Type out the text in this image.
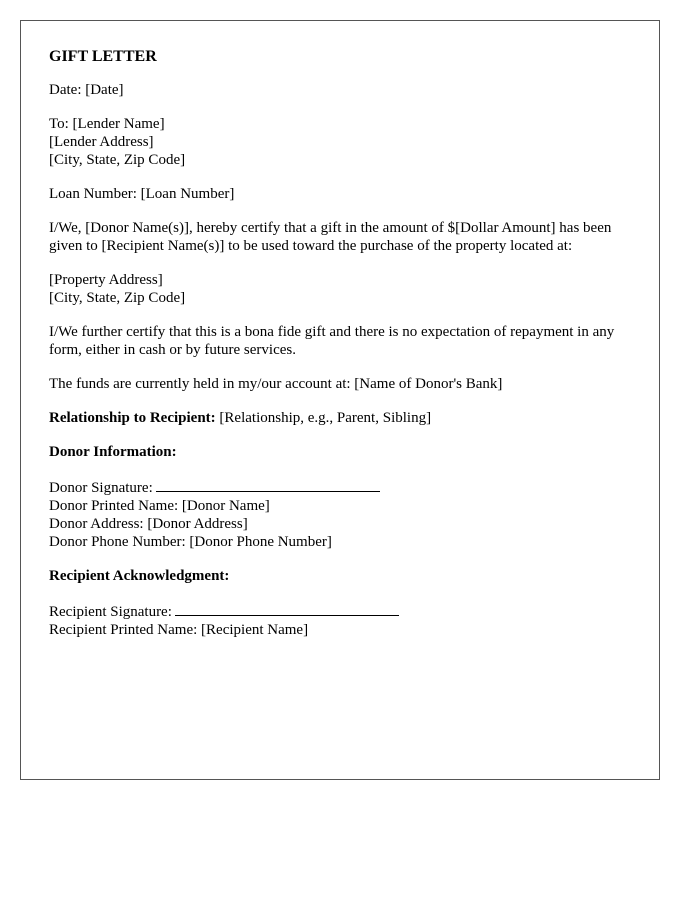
GIFT LETTER
Date: [Date]
To: [Lender Name]
[Lender Address]
[City, State, Zip Code]
Loan Number: [Loan Number]
I/We, [Donor Name(s)], hereby certify that a gift in the amount of $[Dollar Amount] has been given to [Recipient Name(s)] to be used toward the purchase of the property located at:
[Property Address]
[City, State, Zip Code]
I/We further certify that this is a bona fide gift and there is no expectation of repayment in any form, either in cash or by future services.
The funds are currently held in my/our account at: [Name of Donor's Bank]
Relationship to Recipient: [Relationship, e.g., Parent, Sibling]
Donor Information:
Donor Signature:
Donor Printed Name: [Donor Name]
Donor Address: [Donor Address]
Donor Phone Number: [Donor Phone Number]
Recipient Acknowledgment:
Recipient Signature:
Recipient Printed Name: [Recipient Name]
